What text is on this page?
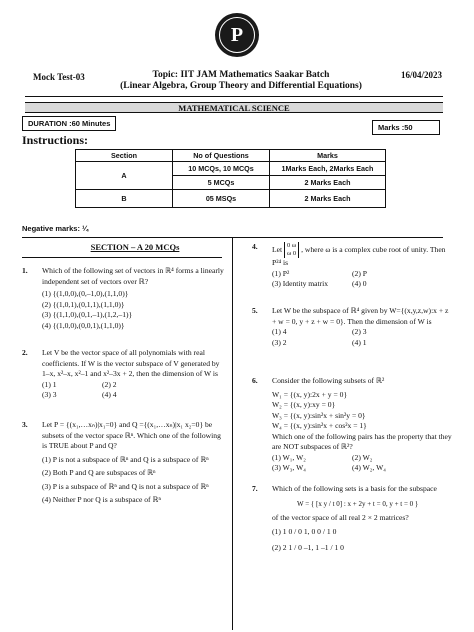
P
Mock Test-03	Topic: IIT JAM Mathematics Saakar Batch
(Linear Algebra, Group Theory and Differential Equations)
16/04/2023
MATHEMATICAL SCIENCE
DURATION :60 Minutes	Marks :50
Instructions:
Section	No of Questions	Marks
A	10 MCQs, 10 MCQs	1Marks Each, 2Marks Each
	5 MCQs	2 Marks Each
B	05 MSQs	2 Marks Each
Negative marks: ¼
SECTION – A 20 MCQs
1. Which of the following set of vectors in ℝ⁴ forms a linearly independent set of vectors over ℝ?
(1) {(1,0,0),(0,–1,0),(1,1,0)}
(2) {(1,0,1),(0,1,1),(1,1,0)}
(3) {(1,1,0),(0,1,–1),(1,2,–1)}
(4) {(1,0,0),(0,0,1),(1,1,0)}
2. Let V be the vector space of all polynomials with real coefficients. If W is the vector subspace of V generated by 1–x, x²–x, x²–1 and x²–3x + 2, then the dimension of W is
(1) 1	(2) 2
(3) 3	(4) 4
3. Let P = {(x₁,…xₙ)|x₁=0} and Q ={(x₁,…xₙ)|x₁ x₂=0} be subsets of the vector space ℝⁿ. Which one of the following is TRUE about P and Q?
(1) P is not a subspace of ℝⁿ and Q is a subspace of ℝⁿ
(2) Both P and Q are subspaces of ℝⁿ
(3) P is a subspace of ℝⁿ and Q is not a subspace of ℝⁿ
(4) Neither P nor Q is a subspace of ℝⁿ
4. Let 0 ω
ω 0 , where ω is a complex cube root of unity. Then P²⁴ is
(1) P²	(2) P
(3) Identity matrix	(4) 0
5. Let W be the subspace of ℝ⁴ given by W={(x,y,z,w):x + z + w = 0, y + z + w = 0}. Then the dimension of W is
(1) 4	(2) 3
(3) 2	(4) 1
6. Consider the following subsets of ℝ²
W₁ = {(x, y):2x + y = 0}
W₂ = {(x, y):xy = 0}
W₃ = {(x, y):sin²x + sin²y = 0}
W₄ = {(x, y):sin²x + cos²x = 1}
Which one of the following pairs has the property that they are NOT subspaces of ℝ²?
(1) W₁, W₂	(2) W₂
(3) W₃, W₄	(4) W₂, W₄
7. Which of the following sets is a basis for the subspace
W = { [x y / t 0] : x + 2y + t = 0, y + t = 0 }
of the vector space of all real 2 × 2 matrices?
(1) 1 0 / 0 1, 0 0 / 1 0
(2) 2 1 / 0 –1, 1 –1 / 1 0
